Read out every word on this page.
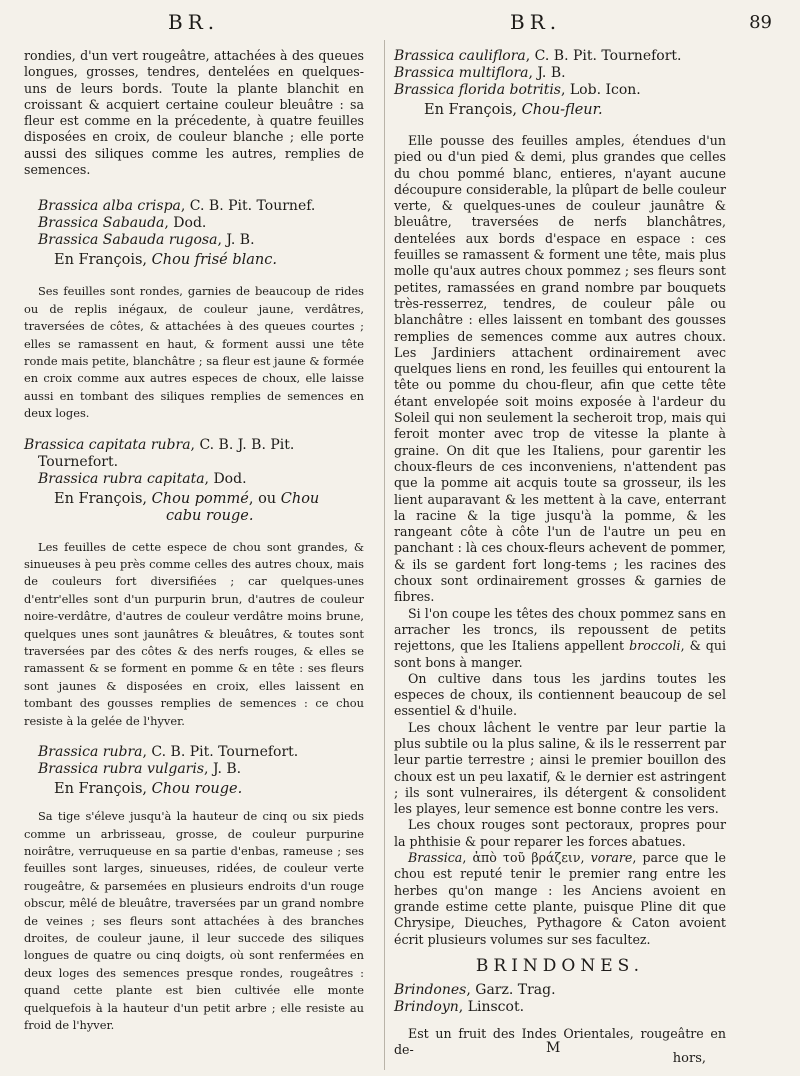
BR.	BR.	89

rondies, d'un vert rougeâtre, attachées à des queues longues, grosses, tendres, dentelées en quelques-uns de leurs bords. Toute la plante blanchit en croissant & acquiert certaine couleur bleuâtre : sa fleur est comme en la précedente, à quatre feuilles disposées en croix, de couleur blanche ; elle porte aussi des siliques comme les autres, remplies de semences.

Brassica alba crispa, C. B. Pit. Tournef.
Brassica Sabauda, Dod.
Brassica Sabauda rugosa, J. B.
En François, Chou frisé blanc.

Ses feuilles sont rondes, garnies de beaucoup de rides ou de replis inégaux, de couleur jaune, verdâtres, traversées de côtes, & attachées à des queues courtes ; elles se ramassent en haut, & forment aussi une tête ronde mais petite, blanchâtre ; sa fleur est jaune & formée en croix comme aux autres especes de choux, elle laisse aussi en tombant des siliques remplies de semences en deux loges.

Brassica capitata rubra, C. B. J. B. Pit. Tournefort.
Brassica rubra capitata, Dod.
En François, Chou pommé, ou Chou
cabu rouge.

Les feuilles de cette espece de chou sont grandes, & sinueuses à peu près comme celles des autres choux, mais de couleurs fort diversifiées ; car quelques-unes d'entr'elles sont d'un purpurin brun, d'autres de couleur noire-verdâtre, d'autres de couleur verdâtre moins brune, quelques unes sont jaunâtres & bleuâtres, & toutes sont traversées par des côtes & des nerfs rouges, & elles se ramassent & se forment en pomme & en tête : ses fleurs sont jaunes & disposées en croix, elles laissent en tombant des gousses remplies de semences : ce chou resiste à la gelée de l'hyver.

Brassica rubra, C. B. Pit. Tournefort.
Brassica rubra vulgaris, J. B.
En François, Chou rouge.

Sa tige s'éleve jusqu'à la hauteur de cinq ou six pieds comme un arbrisseau, grosse, de couleur purpurine noirâtre, verruqueuse en sa partie d'enbas, rameuse ; ses feuilles sont larges, sinueuses, ridées, de couleur verte rougeâtre, & parsemées en plusieurs endroits d'un rouge obscur, mêlé de bleuâtre, traversées par un grand nombre de veines ; ses fleurs sont attachées à des branches droites, de couleur jaune, il leur succede des siliques longues de quatre ou cinq doigts, où sont renfermées en deux loges des semences presque rondes, rougeâtres : quand cette plante est bien cultivée elle monte quelquefois à la hauteur d'un petit arbre ; elle resiste au froid de l'hyver.

Brassica cauliflora, C. B. Pit. Tournefort.
Brassica multiflora, J. B.
Brassica florida botritis, Lob. Icon.
En François, Chou-fleur.

Elle pousse des feuilles amples, étendues d'un pied ou d'un pied & demi, plus grandes que celles du chou pommé blanc, entieres, n'ayant aucune découpure considerable, la plûpart de belle couleur verte, & quelques-unes de couleur jaunâtre & bleuâtre, traversées de nerfs blanchâtres, dentelées aux bords d'espace en espace : ces feuilles se ramassent & forment une tête, mais plus molle qu'aux autres choux pommez ; ses fleurs sont petites, ramassées en grand nombre par bouquets très-resserrez, tendres, de couleur pâle ou blanchâtre : elles laissent en tombant des gousses remplies de semences comme aux autres choux. Les Jardiniers attachent ordinairement avec quelques liens en rond, les feuilles qui entourent la tête ou pomme du chou-fleur, afin que cette tête étant envelopée soit moins exposée à l'ardeur du Soleil qui non seulement la secheroit trop, mais qui feroit monter avec trop de vitesse la plante à graine. On dit que les Italiens, pour garentir les choux-fleurs de ces inconveniens, n'attendent pas que la pomme ait acquis toute sa grosseur, ils les lient auparavant & les mettent à la cave, enterrant la racine & la tige jusqu'à la pomme, & les rangeant côte à côte l'un de l'autre un peu en panchant : là ces choux-fleurs achevent de pommer, & ils se gardent fort long-tems ; les racines des choux sont ordinairement grosses & garnies de fibres.

Si l'on coupe les têtes des choux pommez sans en arracher les troncs, ils repoussent de petits rejettons, que les Italiens appellent broccoli, & qui sont bons à manger.

On cultive dans tous les jardins toutes les especes de choux, ils contiennent beaucoup de sel essentiel & d'huile.

Les choux lâchent le ventre par leur partie la plus subtile ou la plus saline, & ils le resserrent par leur partie terrestre ; ainsi le premier bouillon des choux est un peu laxatif, & le dernier est astringent ; ils sont vulneraires, ils détergent & consolident les playes, leur semence est bonne contre les vers.

Les choux rouges sont pectoraux, propres pour la phthisie & pour reparer les forces abatues.

Brassica, ἀπὸ τοῦ βράζειν, vorare, parce que le chou est reputé tenir le premier rang entre les herbes qu'on mange : les Anciens avoient en grande estime cette plante, puisque Pline dit que Chrysipe, Dieuches, Pythagore & Caton avoient écrit plusieurs volumes sur ses facultez.

BRINDONES.
Brindones, Garz. Trag.
Brindoyn, Linscot.

Est un fruit des Indes Orientales, rougeâtre en de-	M
hors,
